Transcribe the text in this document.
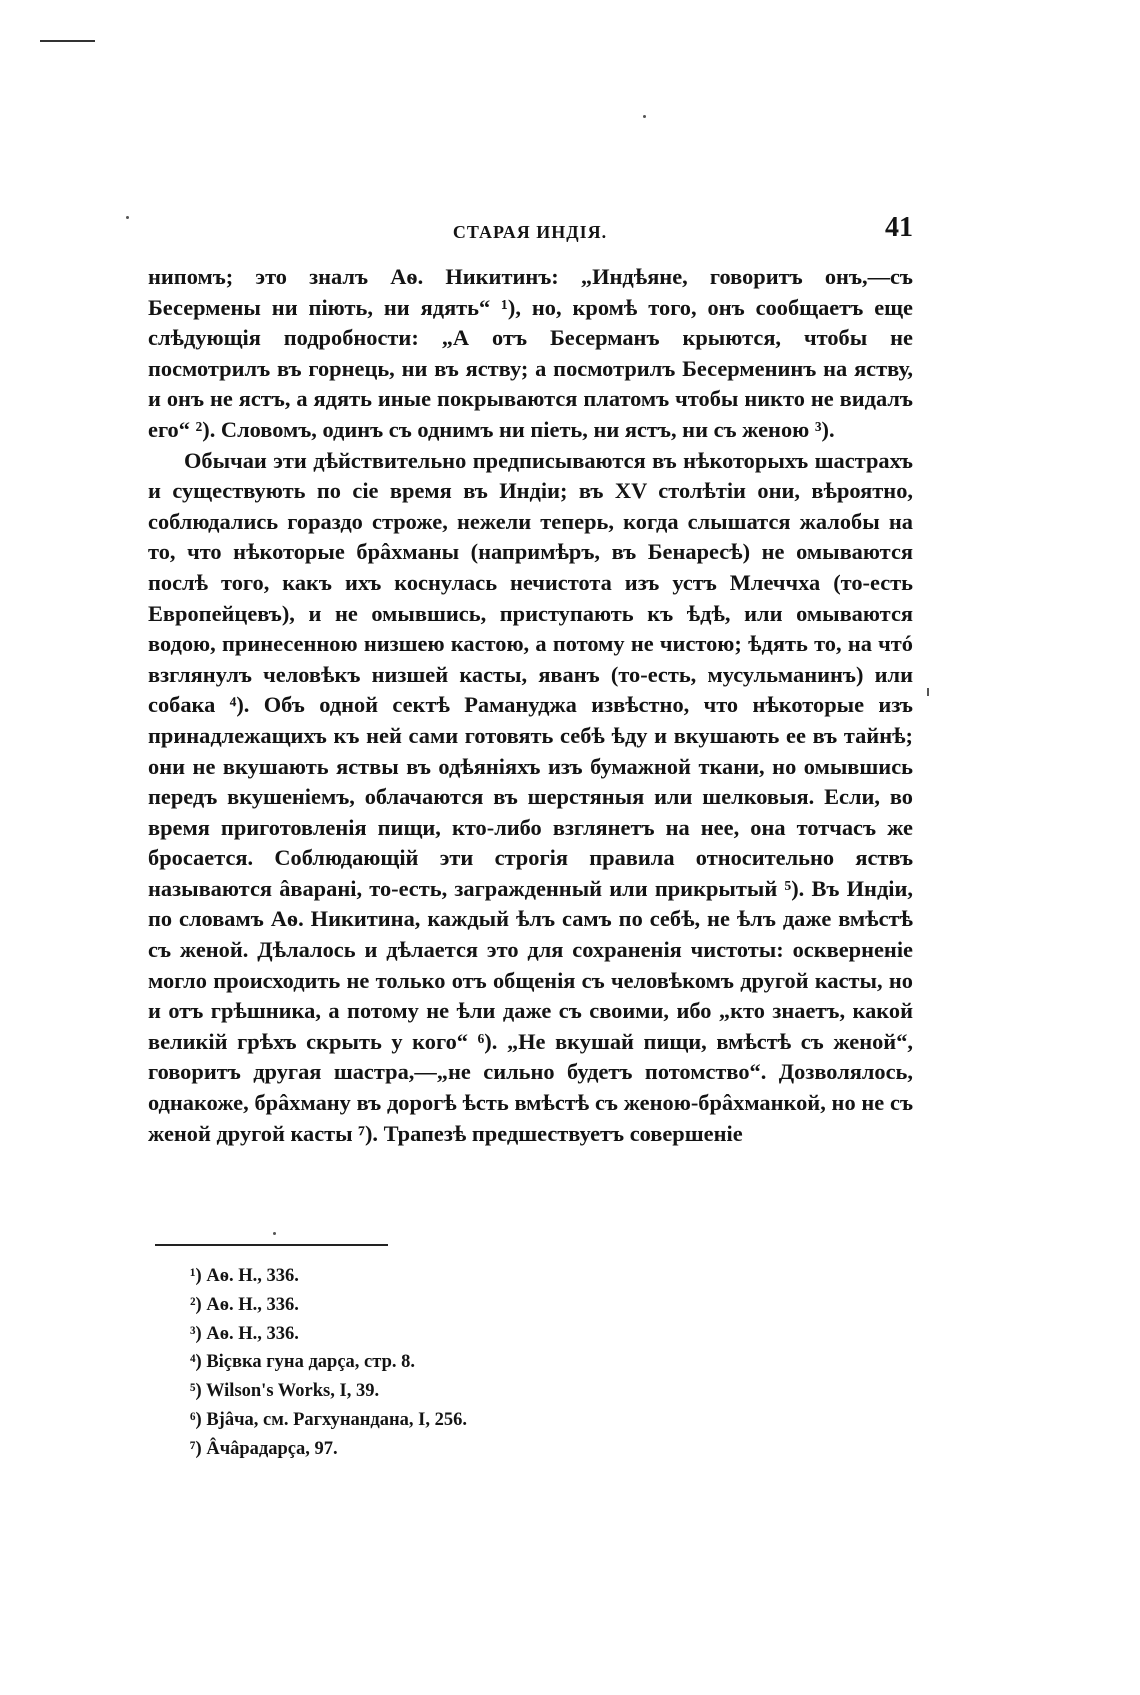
СТАРАЯ ИНДІЯ.	41

нипомъ; это зналъ Аѳ. Никитинъ: „Индѣяне, говоритъ онъ,—съ Бесермены ни піють, ни ядять“ ¹), но, кромѣ того, онъ сообщаетъ еще слѣдующія подробности: „А отъ Бесерманъ крыются, чтобы не посмотрилъ въ горнець, ни въ яству; а посмотрилъ Бесерменинъ на яству, и онъ не ястъ, а ядять иные покрываются платомъ чтобы никто не видалъ его“ ²). Словомъ, одинъ съ однимъ ни піеть, ни ястъ, ни съ женою ³).

Обычаи эти дѣйствительно предписываются въ нѣкоторыхъ шастрахъ и существують по сіе время въ Индіи; въ XV столѣтіи они, вѣроятно, соблюдались гораздо строже, нежели теперь, когда слышатся жалобы на то, что нѣкоторые брâхманы (напримѣръ, въ Бенаресѣ) не омываются послѣ того, какъ ихъ коснулась нечистота изъ устъ Млеччха (то-есть Европейцевъ), и не омывшись, приступають къ ѣдѣ, или омываются водою, принесенною низшею кастою, а потому не чистою; ѣдять то, на чтó взглянулъ человѣкъ низшей касты, яванъ (то-есть, мусульманинъ) или собака ⁴). Объ одной сектѣ Рамануджа извѣстно, что нѣкоторые изъ принадлежащихъ къ ней сами готовять себѣ ѣду и вкушають ее въ тайнѣ; они не вкушають яствы въ одѣяніяхъ изъ бумажной ткани, но омывшись передъ вкушеніемъ, облачаются въ шерстяныя или шелковыя. Если, во время приготовленія пищи, кто-либо взглянетъ на нее, она тотчасъ же бросается. Соблюдающій эти строгія правила относительно яствъ называются âварані, то-есть, загражденный или прикрытый ⁵). Въ Индіи, по словамъ Аѳ. Никитина, каждый ѣлъ самъ по себѣ, не ѣлъ даже вмѣстѣ съ женой. Дѣлалось и дѣлается это для сохраненія чистоты: оскверненіе могло происходить не только отъ общенія съ человѣкомъ другой касты, но и отъ грѣшника, а потому не ѣли даже съ своими, ибо „кто знаетъ, какой великій грѣхъ скрыть у кого“ ⁶). „Не вкушай пищи, вмѣстѣ съ женой“, говоритъ другая шастра,—„не сильно будетъ потомство“. Дозволялось, однакоже, брâхману въ дорогѣ ѣсть вмѣстѣ съ женою-брâхманкой, но не съ женой другой касты ⁷). Трапезѣ предшествуетъ совершеніе

¹) Аѳ. Н., 336.
²) Аѳ. Н., 336.
³) Аѳ. Н., 336.
⁴) Віçвка гуна дарçа, стр. 8.
⁵) Wilson's Works, I, 39.
⁶) Вjâча, см. Рагхунандана, I, 256.
⁷) Âчâрадарçа, 97.
